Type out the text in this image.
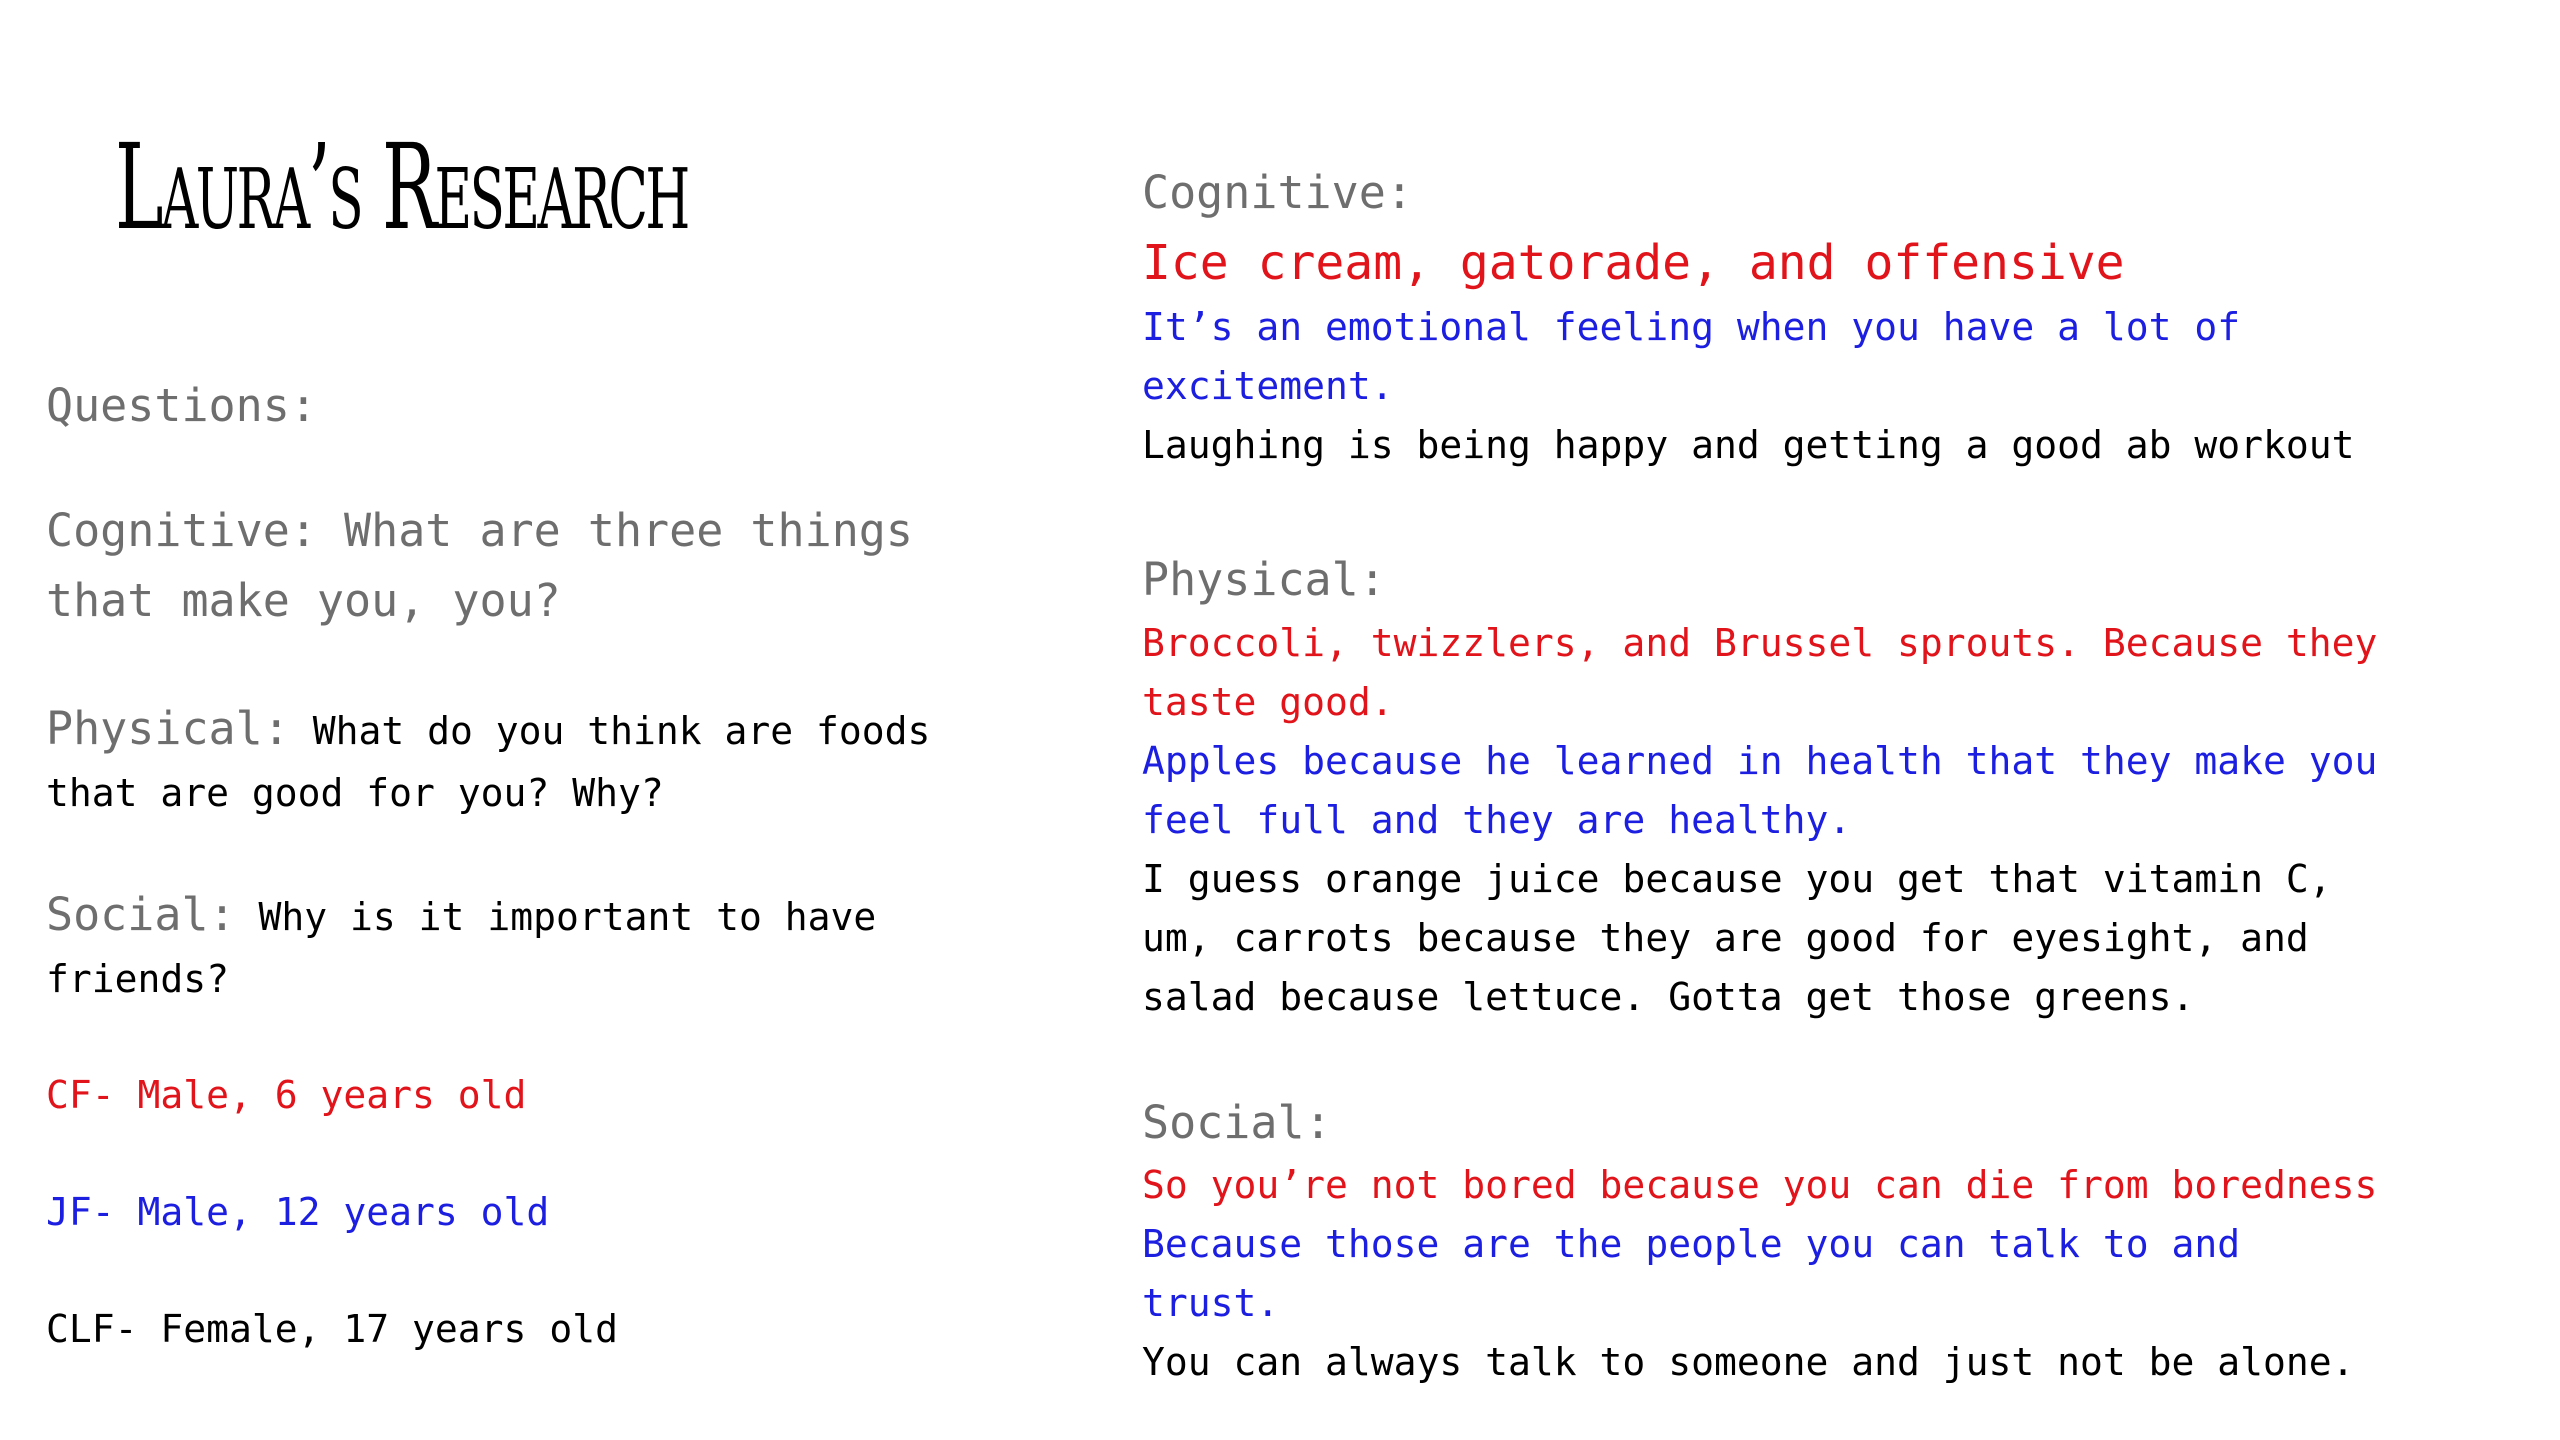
Laura’s Research
Questions:
Cognitive: What are three things
that make you, you?
Physical: What do you think are foods
that are good for you? Why?
Social: Why is it important to have
friends?
CF- Male, 6 years old
JF- Male, 12 years old
CLF- Female, 17 years old
Cognitive:
Ice cream, gatorade, and offensive
It’s an emotional feeling when you have a lot of
excitement.
Laughing is being happy and getting a good ab workout
Physical:
Broccoli, twizzlers, and Brussel sprouts. Because they
taste good.
Apples because he learned in health that they make you
feel full and they are healthy.
I guess orange juice because you get that vitamin C,
um, carrots because they are good for eyesight, and
salad because lettuce. Gotta get those greens.
Social:
So you’re not bored because you can die from boredness
Because those are the people you can talk to and
trust.
You can always talk to someone and just not be alone.
